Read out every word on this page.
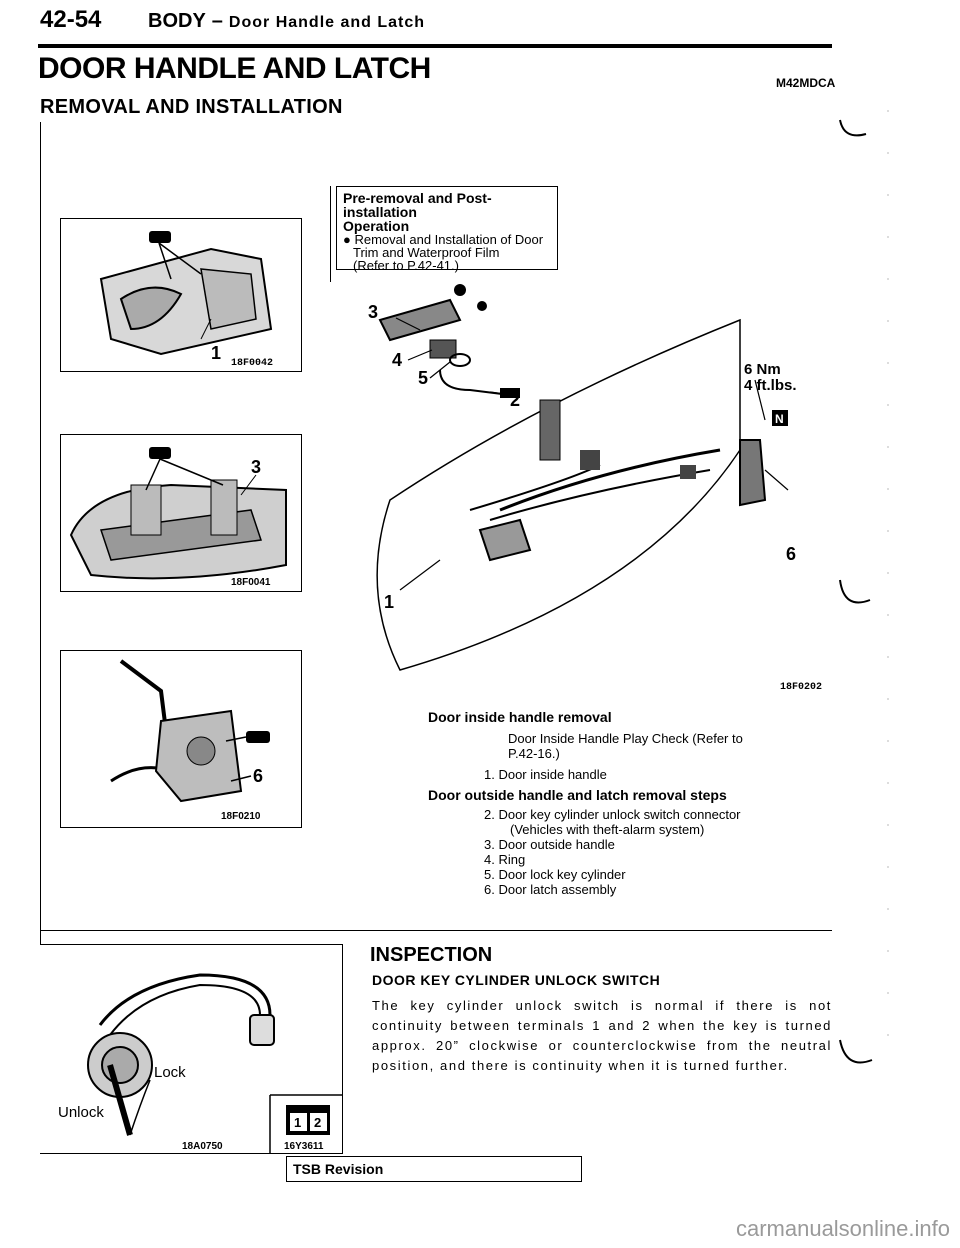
42-54 BODY – Door Handle and Latch
DOOR HANDLE AND LATCH	M42MDCA
REMOVAL AND INSTALLATION
1
18F0042
3
18F0041
6
18F0210
Pre-removal and Post-installation
Operation
● Removal and Installation of Door
Trim and Waterproof Film
(Refer to P.42-41.)
3
4
5
2
6
1
6 Nm
4 ft.lbs.
N
18F0202
Door inside handle removal
Door Inside Handle Play Check (Refer to
P.42-16.)
1. Door inside handle
Door outside handle and latch removal steps
2. Door key cylinder unlock switch connector
(Vehicles with theft-alarm system)
3. Door outside handle
4. Ring
5. Door lock key cylinder
6. Door latch assembly
Lock
Unlock
18A0750
1 2
16Y3611
INSPECTION
DOOR KEY CYLINDER UNLOCK SWITCH
The key cylinder unlock switch is normal if there is not continuity between terminals 1 and 2 when the key is turned approx. 20” clockwise or counterclockwise from the neutral position, and there is continuity when it is turned further.
TSB Revision
carmanualsonline.info
